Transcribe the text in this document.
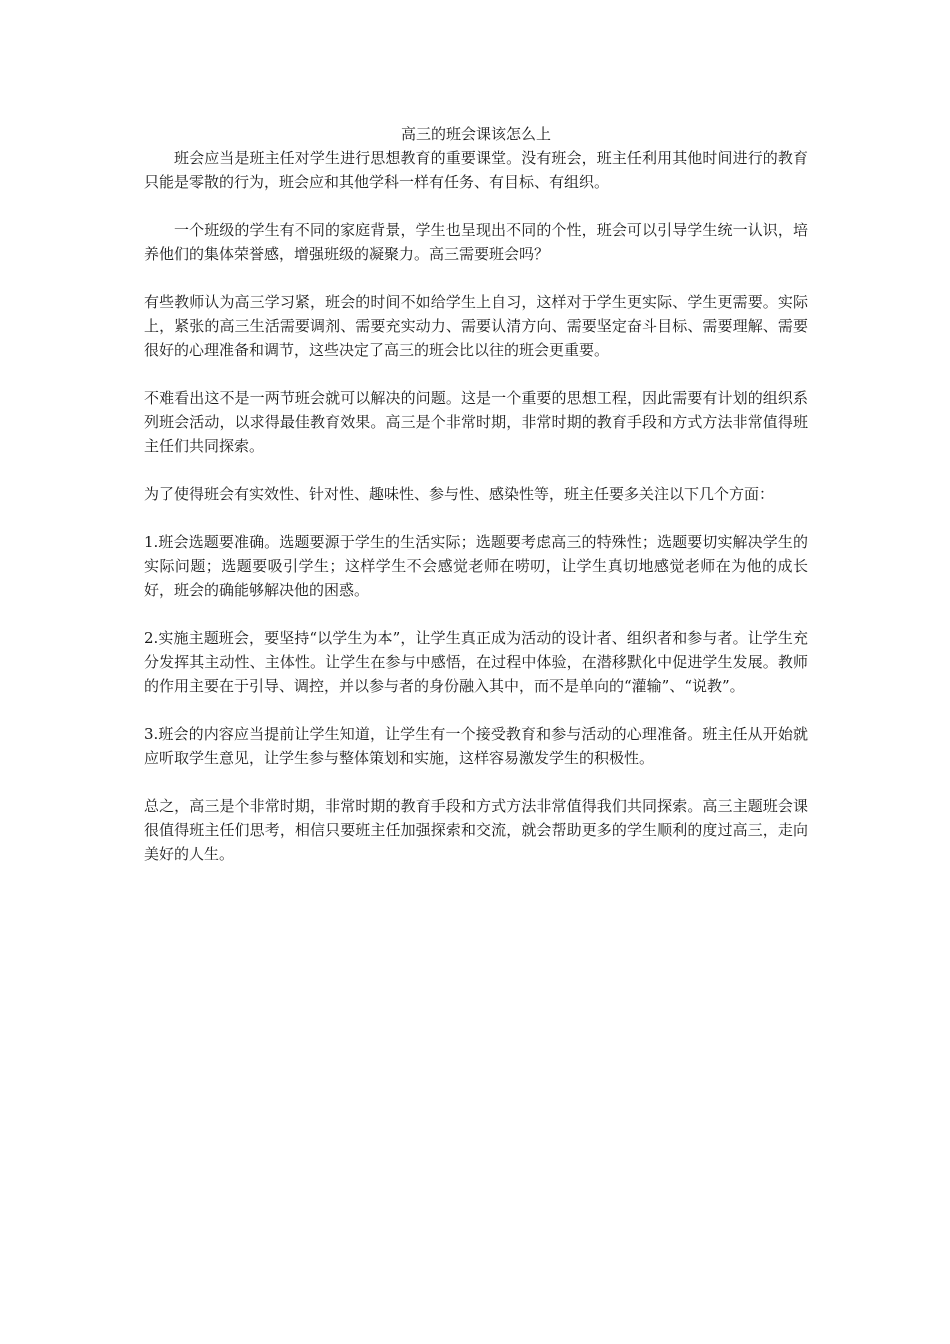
高三的班会课该怎么上

班会应当是班主任对学生进行思想教育的重要课堂。没有班会，班主任利用其他时间进行的教育只能是零散的行为，班会应和其他学科一样有任务、有目标、有组织。

一个班级的学生有不同的家庭背景，学生也呈现出不同的个性，班会可以引导学生统一认识，培养他们的集体荣誉感，增强班级的凝聚力。高三需要班会吗？

有些教师认为高三学习紧，班会的时间不如给学生上自习，这样对于学生更实际、学生更需要。实际上，紧张的高三生活需要调剂、需要充实动力、需要认清方向、需要坚定奋斗目标、需要理解、需要很好的心理准备和调节，这些决定了高三的班会比以往的班会更重要。

不难看出这不是一两节班会就可以解决的问题。这是一个重要的思想工程，因此需要有计划的组织系列班会活动，以求得最佳教育效果。高三是个非常时期，非常时期的教育手段和方式方法非常值得班主任们共同探索。

为了使得班会有实效性、针对性、趣味性、参与性、感染性等，班主任要多关注以下几个方面：

1.班会选题要准确。选题要源于学生的生活实际；选题要考虑高三的特殊性；选题要切实解决学生的实际问题；选题要吸引学生；这样学生不会感觉老师在唠叨，让学生真切地感觉老师在为他的成长好，班会的确能够解决他的困惑。

2.实施主题班会，要坚持“以学生为本”，让学生真正成为活动的设计者、组织者和参与者。让学生充分发挥其主动性、主体性。让学生在参与中感悟，在过程中体验，在潜移默化中促进学生发展。教师的作用主要在于引导、调控，并以参与者的身份融入其中，而不是单向的“灌输”、“说教”。

3.班会的内容应当提前让学生知道，让学生有一个接受教育和参与活动的心理准备。班主任从开始就应听取学生意见，让学生参与整体策划和实施，这样容易激发学生的积极性。

总之，高三是个非常时期，非常时期的教育手段和方式方法非常值得我们共同探索。高三主题班会课很值得班主任们思考，相信只要班主任加强探索和交流，就会帮助更多的学生顺利的度过高三，走向美好的人生。
